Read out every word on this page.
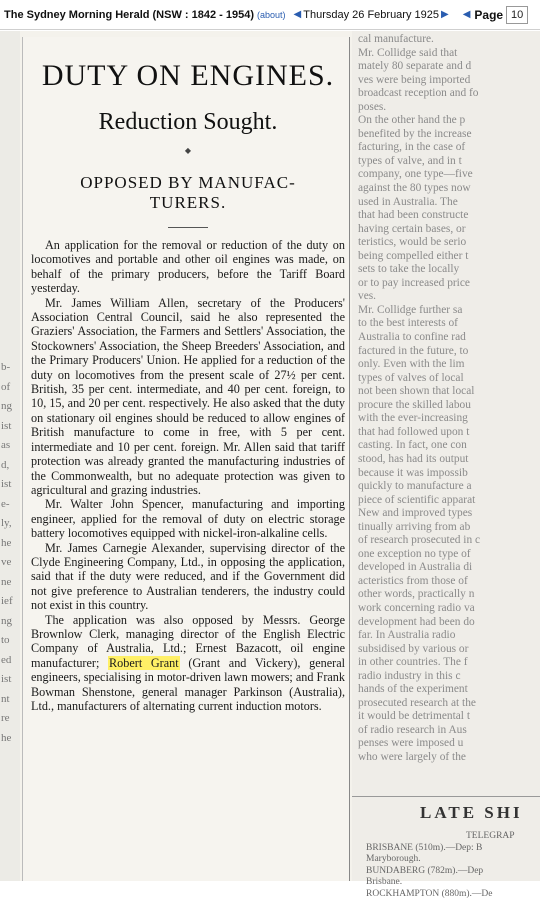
The Sydney Morning Herald (NSW : 1842 - 1954) (about) ◀ Thursday 26 February 1925 ▶ ◀ Page 10
b-
of
ng
ist
as
d,
ist
e-
ly,
he
ve
ne
ief
ng
to
ed
ist
nt
re
he
DUTY ON ENGINES.
Reduction Sought.
◆
OPPOSED BY MANUFAC-
TURERS.

An application for the removal or reduction of the duty on locomotives and portable and other oil engines was made, on behalf of the primary producers, before the Tariff Board yesterday.

Mr. James William Allen, secretary of the Producers' Association Central Council, said he also represented the Graziers' Association, the Farmers and Settlers' Association, the Stockowners' Association, the Sheep Breeders' Association, and the Primary Producers' Union. He applied for a reduction of the duty on locomotives from the present scale of 27½ per cent. British, 35 per cent. intermediate, and 40 per cent. foreign, to 10, 15, and 20 per cent. respectively. He also asked that the duty on stationary oil engines should be reduced to allow engines of British manufacture to come in free, with 5 per cent. intermediate and 10 per cent. foreign. Mr. Allen said that tariff protection was already granted the manufacturing industries of the Commonwealth, but no adequate protection was given to agricultural and grazing industries.

Mr. Walter John Spencer, manufacturing and importing engineer, applied for the removal of duty on electric storage battery locomotives equipped with nickel-iron-alkaline cells.

Mr. James Carnegie Alexander, supervising director of the Clyde Engineering Company, Ltd., in opposing the application, said that if the duty were reduced, and if the Government did not give preference to Australian tenderers, the industry could not exist in this country.

The application was also opposed by Messrs. George Brownlow Clerk, managing director of the English Electric Company of Australia, Ltd.; Ernest Bazacott, oil engine manufacturer; Robert Grant (Grant and Vickery), general engineers, specialising in motor-driven lawn mowers; and Frank Bowman Shenstone, general manager Parkinson (Australia), Ltd., manufacturers of alternating current induction motors.

cal manufacture.
Mr. Collidge said that
mately 80 separate and d
ves were being imported
broadcast reception and fo
poses.
On the other hand the p
benefited by the increase
facturing, in the case of
types of valve, and in t
company, one type—five
against the 80 types now
used in Australia. The
that had been constructe
having certain bases, or
teristics, would be serio
being compelled either t
sets to take the locally
or to pay increased price
ves.
Mr. Collidge further sa
to the best interests of
Australia to confine rad
factured in the future, to
only. Even with the lim
types of valves of local
not been shown that local
procure the skilled labou
with the ever-increasing
that had followed upon t
casting. In fact, one con
stood, has had its output
because it was impossib
quickly to manufacture a
piece of scientific apparat
New and improved types
tinually arriving from ab
of research prosecuted in c
one exception no type of
developed in Australia di
acteristics from those of
other words, practically n
work concerning radio va
development had been do
far. In Australia radio
subsidised by various or
in other countries. The f
radio industry in this c
hands of the experiment
prosecuted research at the
it would be detrimental t
of radio research in Aus
penses were imposed u
who were largely of the
LATE SHI
TELEGRAP
BRISBANE (510m).—Dep: B
Maryborough.
BUNDABERG (782m).—Dep
Brisbane.
ROCKHAMPTON (880m).—De
